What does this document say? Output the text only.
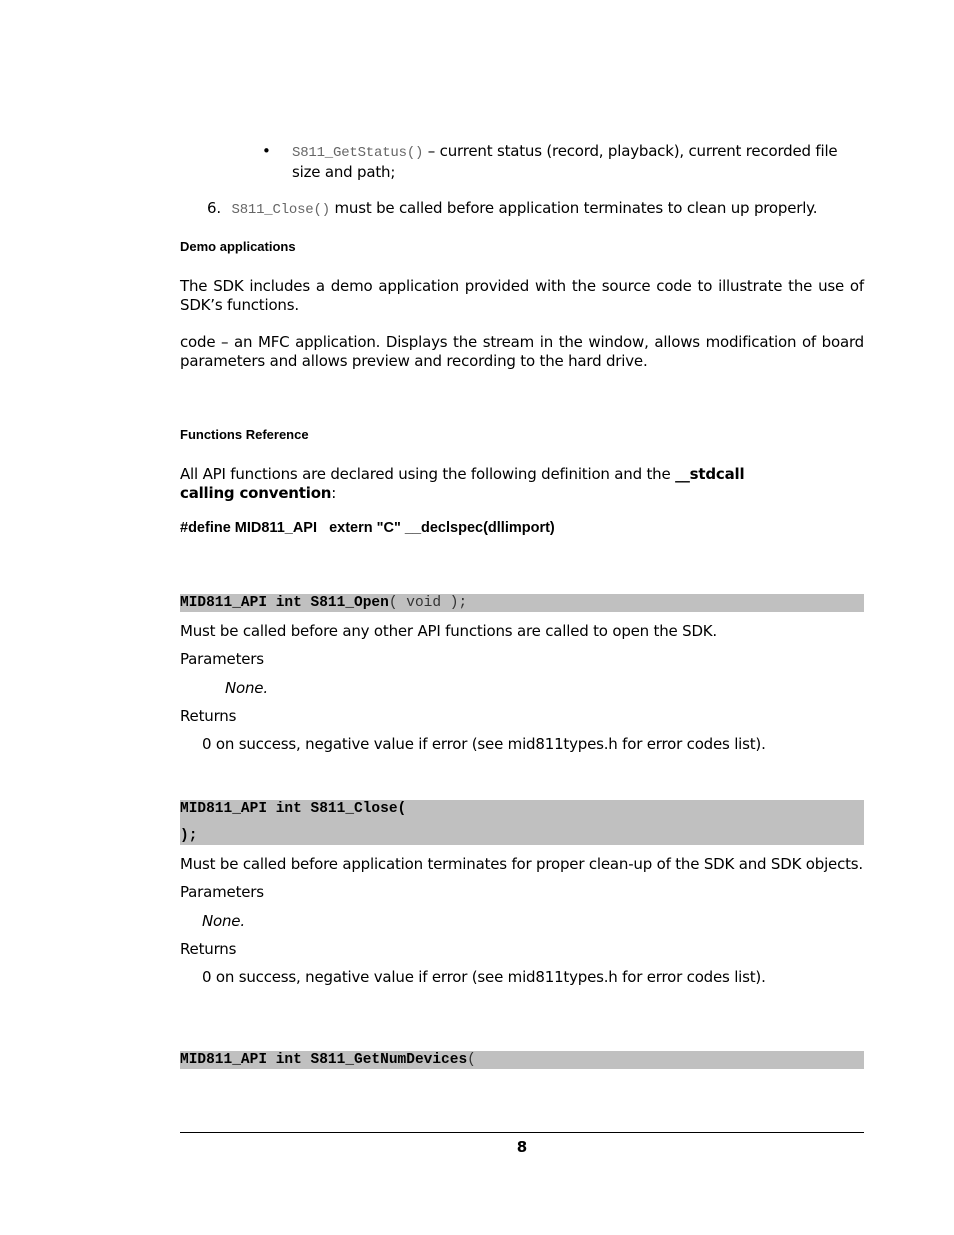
• S811_GetStatus() – current status (record, playback), current recorded file size and path;
6. S811_Close() must be called before application terminates to clean up properly.
Demo applications
The SDK includes a demo application provided with the source code to illustrate the use of SDK’s functions.
code – an MFC application. Displays the stream in the window, allows modification of board parameters and allows preview and recording to the hard drive.
Functions Reference
All API functions are declared using the following definition and the __stdcall calling convention:
#define MID811_API   extern "C" __declspec(dllimport)
MID811_API int S811_Open( void );
Must be called before any other API functions are called to open the SDK.
Parameters
None.
Returns
0 on success, negative value if error (see mid811types.h for error codes list).
MID811_API int S811_Close(
);
Must be called before application terminates for proper clean-up of the SDK and SDK objects.
Parameters
None.
Returns
0 on success, negative value if error (see mid811types.h for error codes list).
MID811_API int S811_GetNumDevices(
8
